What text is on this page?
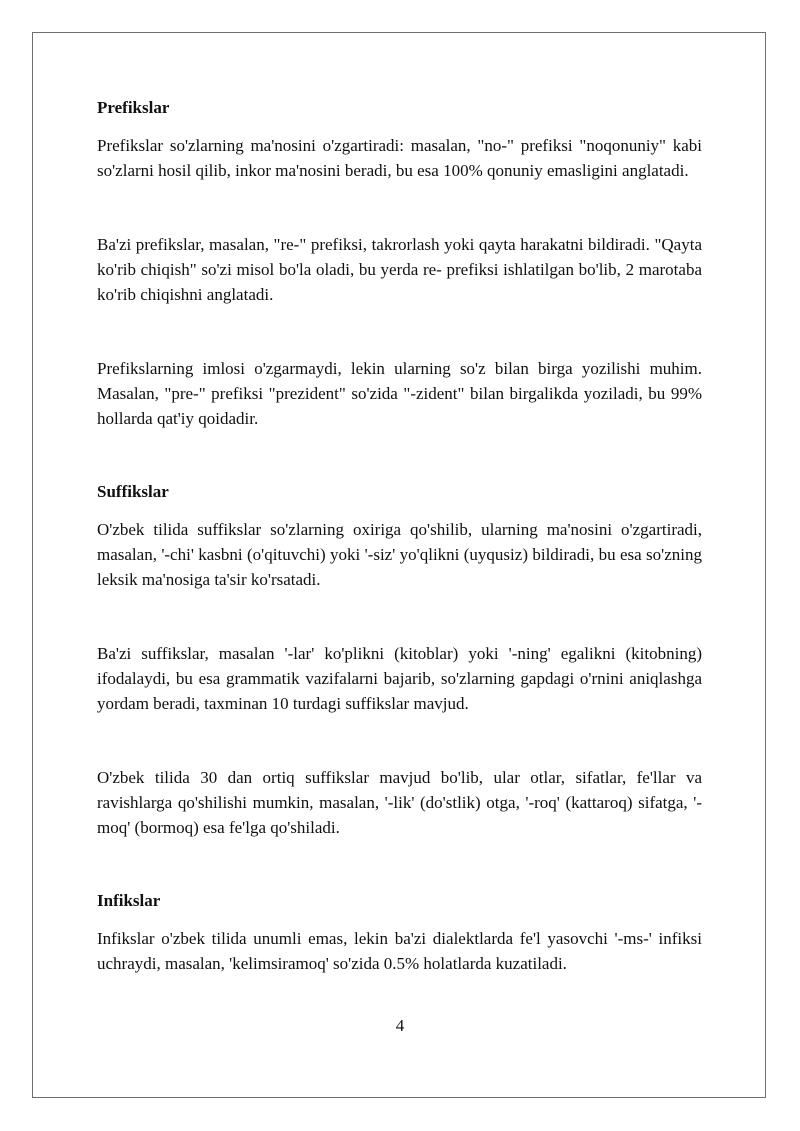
Prefikslar

Prefikslar so'zlarning ma'nosini o'zgartiradi: masalan, "no-" prefiksi "noqonuniy" kabi so'zlarni hosil qilib, inkor ma'nosini beradi, bu esa 100% qonuniy emasligini anglatadi.

Ba'zi prefikslar, masalan, "re-" prefiksi, takrorlash yoki qayta harakatni bildiradi. "Qayta ko'rib chiqish" so'zi misol bo'la oladi, bu yerda re- prefiksi ishlatilgan bo'lib, 2 marotaba ko'rib chiqishni anglatadi.

Prefikslarning imlosi o'zgarmaydi, lekin ularning so'z bilan birga yozilishi muhim. Masalan, "pre-" prefiksi "prezident" so'zida "-zident" bilan birgalikda yoziladi, bu 99% hollarda qat'iy qoidadir.

Suffikslar

O'zbek tilida suffikslar so'zlarning oxiriga qo'shilib, ularning ma'nosini o'zgartiradi, masalan, '-chi' kasbni (o'qituvchi) yoki '-siz' yo'qlikni (uyqusiz) bildiradi, bu esa so'zning leksik ma'nosiga ta'sir ko'rsatadi.

Ba'zi suffikslar, masalan '-lar' ko'plikni (kitoblar) yoki '-ning' egalikni (kitobning) ifodalaydi, bu esa grammatik vazifalarni bajarib, so'zlarning gapdagi o'rnini aniqlashga yordam beradi, taxminan 10 turdagi suffikslar mavjud.

O'zbek tilida 30 dan ortiq suffikslar mavjud bo'lib, ular otlar, sifatlar, fe'llar va ravishlarga qo'shilishi mumkin, masalan, '-lik' (do'stlik) otga, '-roq' (kattaroq) sifatga, '-moq' (bormoq) esa fe'lga qo'shiladi.

Infikslar

Infikslar o'zbek tilida unumli emas, lekin ba'zi dialektlarda fe'l yasovchi '-ms-' infiksi uchraydi, masalan, 'kelimsiramoq' so'zida 0.5% holatlarda kuzatiladi.

4
